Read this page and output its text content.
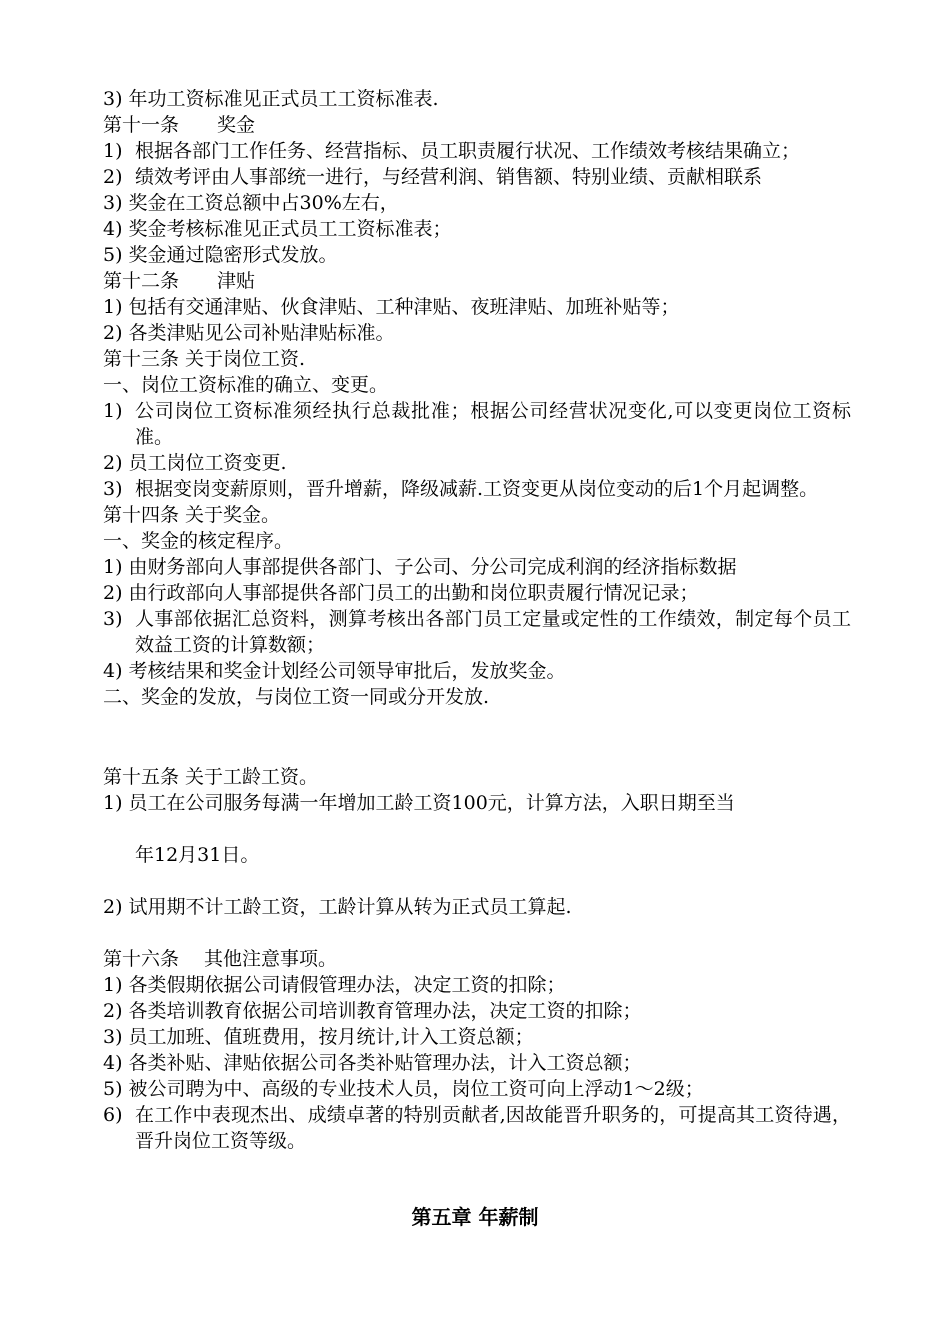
3) 年功工资标准见正式员工工资标准表.
第十一条　　奖金
1) 根据各部门工作任务、经营指标、员工职责履行状况、工作绩效考核结果确立；
2) 绩效考评由人事部统一进行，与经营利润、销售额、特别业绩、贡献相联系
3) 奖金在工资总额中占30%左右，
4) 奖金考核标准见正式员工工资标准表；
5) 奖金通过隐密形式发放。
第十二条　　津贴
1) 包括有交通津贴、伙食津贴、工种津贴、夜班津贴、加班补贴等；
2) 各类津贴见公司补贴津贴标准。
第十三条 关于岗位工资.
一、岗位工资标准的确立、变更。
1) 公司岗位工资标准须经执行总裁批准；根据公司经营状况变化,可以变更岗位工资标准。
2) 员工岗位工资变更.
3) 根据变岗变薪原则，晋升增薪，降级减薪.工资变更从岗位变动的后1个月起调整。
第十四条 关于奖金。
一、奖金的核定程序。
1) 由财务部向人事部提供各部门、子公司、分公司完成利润的经济指标数据
2) 由行政部向人事部提供各部门员工的出勤和岗位职责履行情况记录；
3) 人事部依据汇总资料，测算考核出各部门员工定量或定性的工作绩效，制定每个员工效益工资的计算数额；
4) 考核结果和奖金计划经公司领导审批后，发放奖金。
二、奖金的发放，与岗位工资一同或分开发放.
第十五条 关于工龄工资。
1) 员工在公司服务每满一年增加工龄工资100元，计算方法，入职日期至当
年12月31日。
2) 试用期不计工龄工资，工龄计算从转为正式员工算起.
第十六条　 其他注意事项。
1) 各类假期依据公司请假管理办法，决定工资的扣除；
2) 各类培训教育依据公司培训教育管理办法，决定工资的扣除；
3) 员工加班、值班费用，按月统计,计入工资总额；
4) 各类补贴、津贴依据公司各类补贴管理办法，计入工资总额；
5) 被公司聘为中、高级的专业技术人员，岗位工资可向上浮动1～2级；
6) 在工作中表现杰出、成绩卓著的特别贡献者,因故能晋升职务的，可提高其工资待遇，晋升岗位工资等级。
第五章 年薪制
